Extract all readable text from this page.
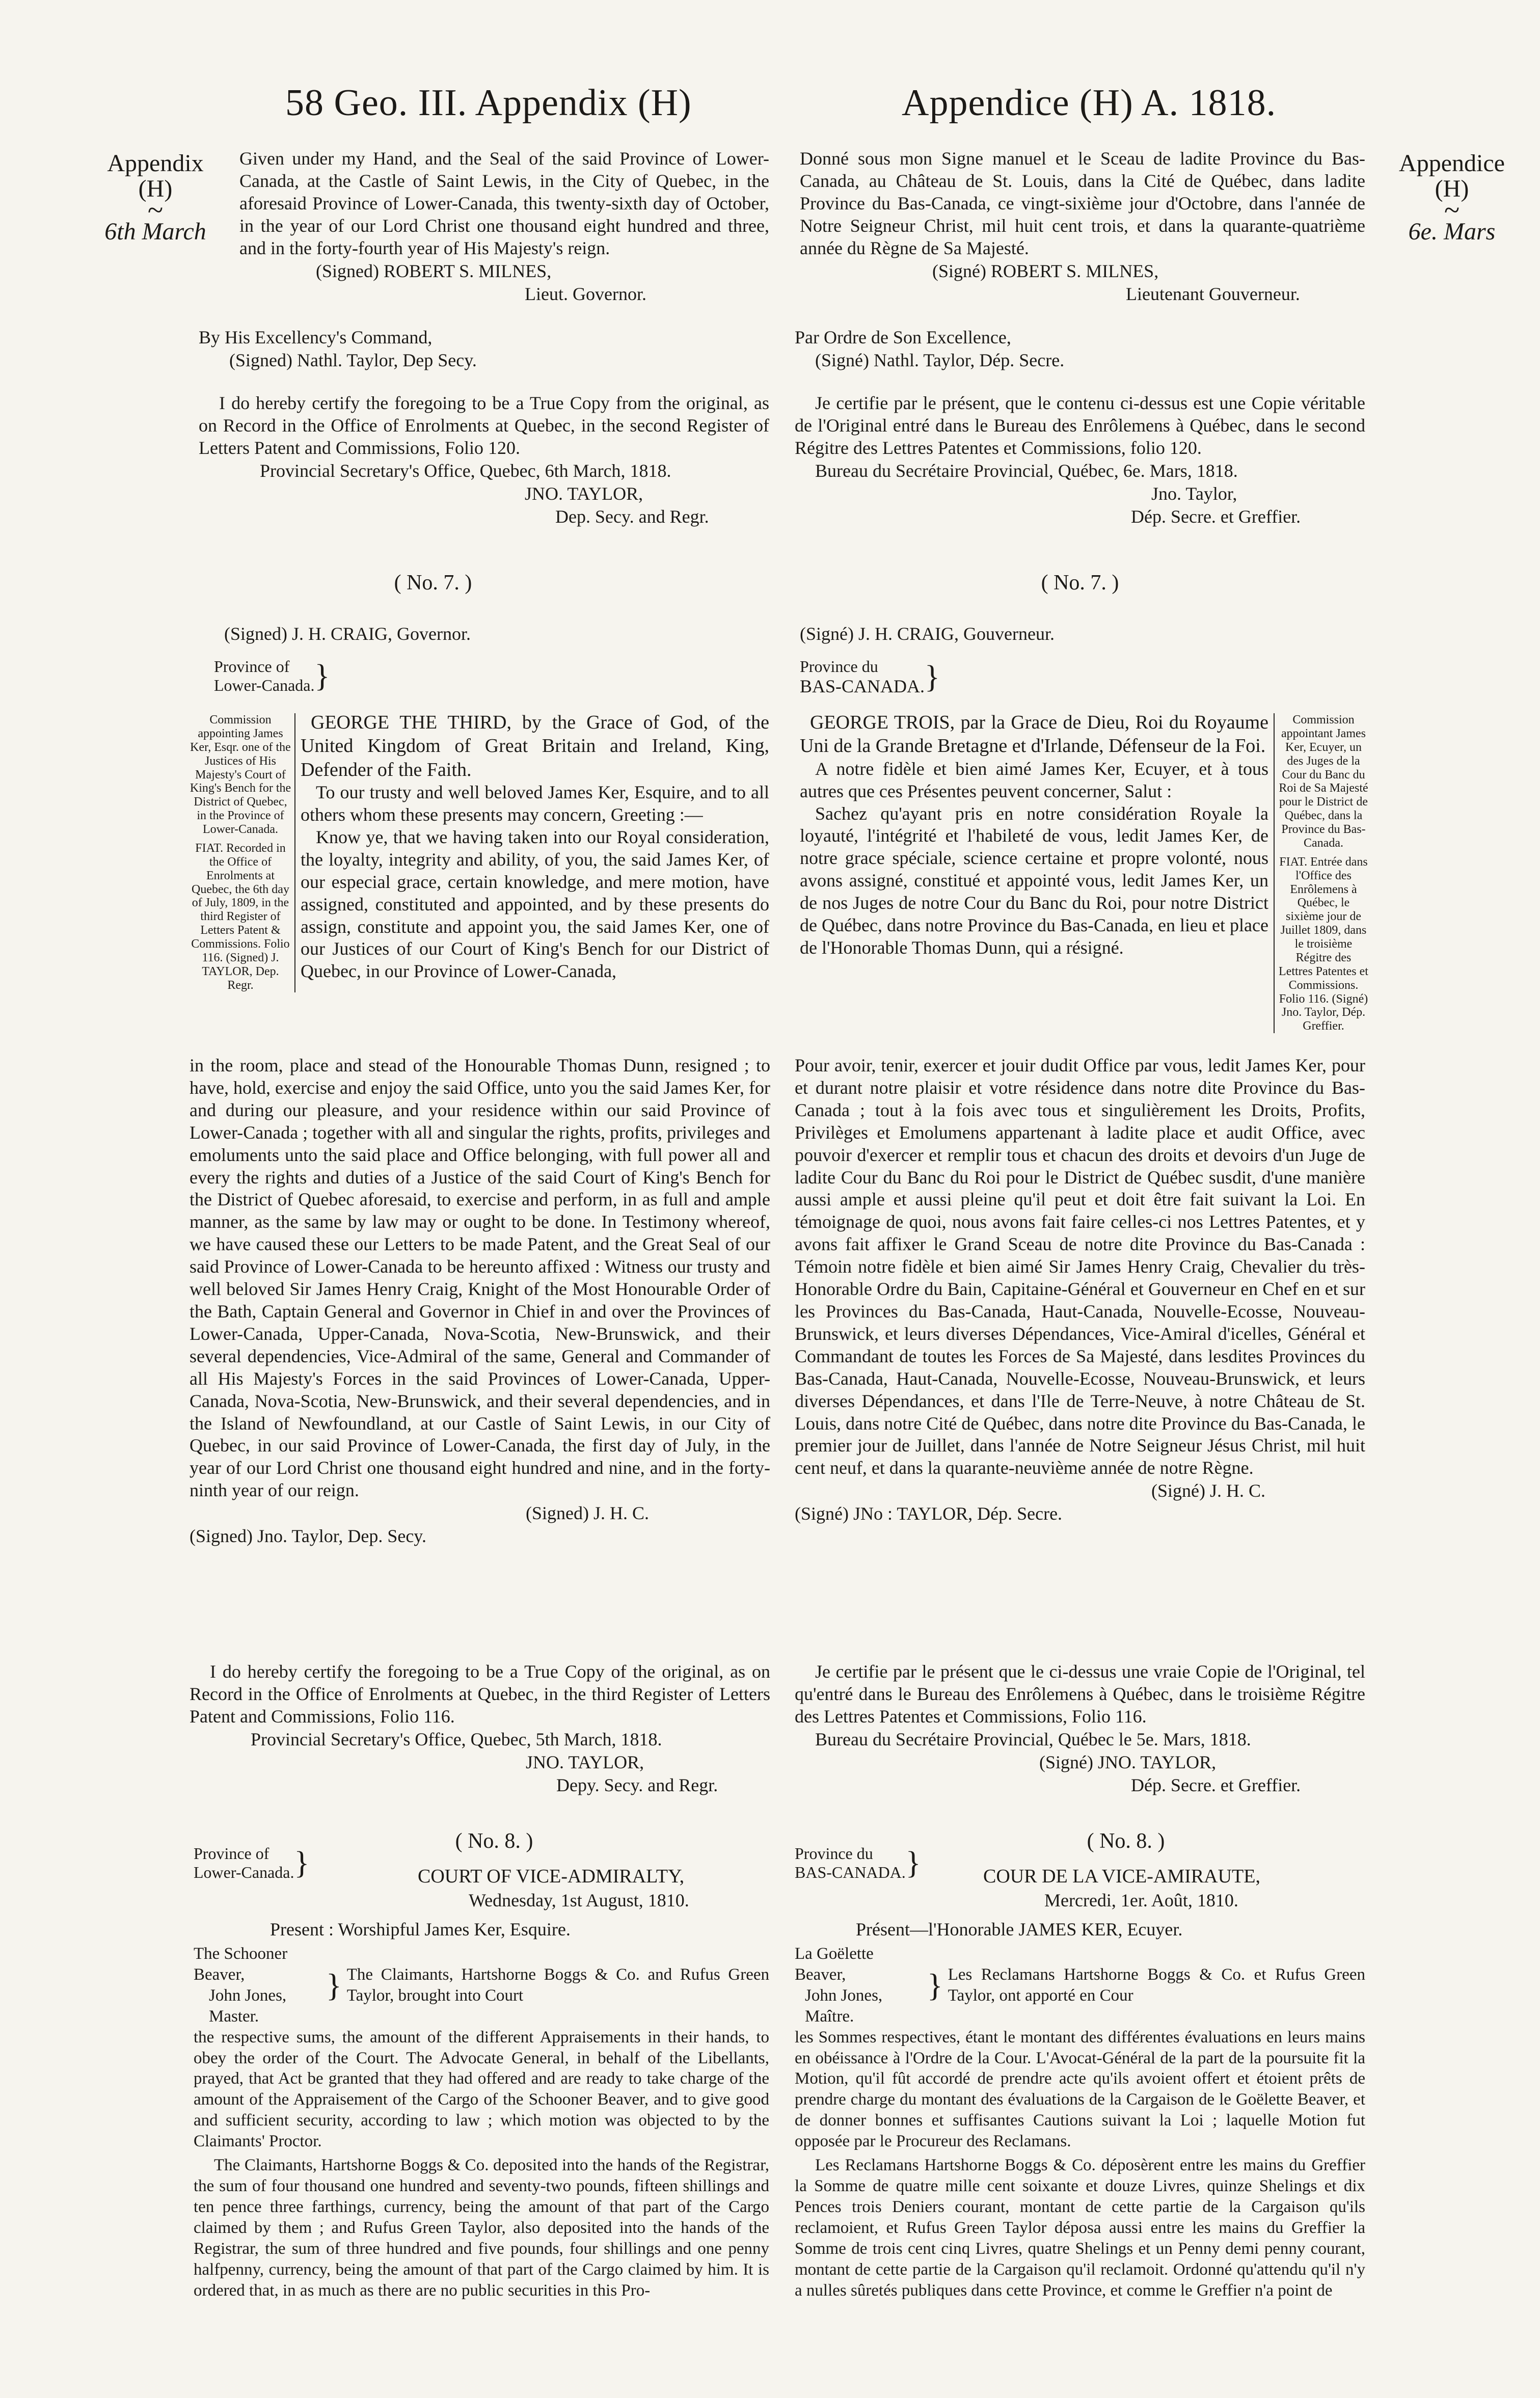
58 Geo. III. Appendix (H)	Appendice (H) A. 1818.
Appendix
(H)
~
6th March
Appendice
(H)
~
6e. Mars

Given under my Hand, and the Seal of the said Province of Lower-Canada, at the Castle of Saint Lewis, in the City of Quebec, in the aforesaid Province of Lower-Canada, this twenty-sixth day of October, in the year of our Lord Christ one thousand eight hundred and three, and in the forty-fourth year of His Majesty's reign.

(Signed) ROBERT S. MILNES,
Lieut. Governor.
By His Excellency's Command,
(Signed) Nathl. Taylor, Dep Secy.

I do hereby certify the foregoing to be a True Copy from the original, as on Record in the Office of Enrolments at Quebec, in the second Register of Letters Patent and Commissions, Folio 120.

Provincial Secretary's Office, Quebec, 6th March, 1818.
JNO. TAYLOR,
Dep. Secy. and Regr.
( No. 7. )
(Signed) J. H. CRAIG, Governor.
Province of
Lower-Canada.}
Commission appointing James Ker, Esqr. one of the Justices of His Majesty's Court of King's Bench for the District of Quebec, in the Province of Lower-Canada.
FIAT. Recorded in the Office of Enrolments at Quebec, the 6th day of July, 1809, in the third Register of Letters Patent & Commissions. Folio 116. (Signed) J. TAYLOR, Dep. Regr.

GEORGE THE THIRD, by the Grace of God, of the United Kingdom of Great Britain and Ireland, King, Defender of the Faith.

To our trusty and well beloved James Ker, Esquire, and to all others whom these presents may concern, Greeting :—

Know ye, that we having taken into our Royal consideration, the loyalty, integrity and ability, of you, the said James Ker, of our especial grace, certain knowledge, and mere motion, have assigned, constituted and appointed, and by these presents do assign, constitute and appoint you, the said James Ker, one of our Justices of our Court of King's Bench for our District of Quebec, in our Province of Lower-Canada,

in the room, place and stead of the Honourable Thomas Dunn, resigned ; to have, hold, exercise and enjoy the said Office, unto you the said James Ker, for and during our pleasure, and your residence within our said Province of Lower-Canada ; together with all and singular the rights, profits, privileges and emoluments unto the said place and Office belonging, with full power all and every the rights and duties of a Justice of the said Court of King's Bench for the District of Quebec aforesaid, to exercise and perform, in as full and ample manner, as the same by law may or ought to be done. In Testimony whereof, we have caused these our Letters to be made Patent, and the Great Seal of our said Province of Lower-Canada to be hereunto affixed : Witness our trusty and well beloved Sir James Henry Craig, Knight of the Most Honourable Order of the Bath, Captain General and Governor in Chief in and over the Provinces of Lower-Canada, Upper-Canada, Nova-Scotia, New-Brunswick, and their several dependencies, Vice-Admiral of the same, General and Commander of all His Majesty's Forces in the said Provinces of Lower-Canada, Upper-Canada, Nova-Scotia, New-Brunswick, and their several dependencies, and in the Island of Newfoundland, at our Castle of Saint Lewis, in our City of Quebec, in our said Province of Lower-Canada, the first day of July, in the year of our Lord Christ one thousand eight hundred and nine, and in the forty-ninth year of our reign.

(Signed) J. H. C.
(Signed) Jno. Taylor, Dep. Secy.

I do hereby certify the foregoing to be a True Copy of the original, as on Record in the Office of Enrolments at Quebec, in the third Register of Letters Patent and Commissions, Folio 116.

Provincial Secretary's Office, Quebec, 5th March, 1818.
JNO. TAYLOR,
Depy. Secy. and Regr.
( No. 8. )
Province of
Lower-Canada.}	COURT OF VICE-ADMIRALTY,
Wednesday, 1st August, 1810.
Present : Worshipful James Ker, Esquire.
The Schooner Beaver,
John Jones, Master.
} The Claimants, Hartshorne Boggs & Co. and Rufus Green Taylor, brought into Court

the respective sums, the amount of the different Appraisements in their hands, to obey the order of the Court. The Advocate General, in behalf of the Libellants, prayed, that Act be granted that they had offered and are ready to take charge of the amount of the Appraisement of the Cargo of the Schooner Beaver, and to give good and sufficient security, according to law ; which motion was objected to by the Claimants' Proctor.

The Claimants, Hartshorne Boggs & Co. deposited into the hands of the Registrar, the sum of four thousand one hundred and seventy-two pounds, fifteen shillings and ten pence three farthings, currency, being the amount of that part of the Cargo claimed by them ; and Rufus Green Taylor, also deposited into the hands of the Registrar, the sum of three hundred and five pounds, four shillings and one penny halfpenny, currency, being the amount of that part of the Cargo claimed by him. It is ordered that, in as much as there are no public securities in this Pro-

Donné sous mon Signe manuel et le Sceau de ladite Province du Bas-Canada, au Château de St. Louis, dans la Cité de Québec, dans ladite Province du Bas-Canada, ce vingt-sixième jour d'Octobre, dans l'année de Notre Seigneur Christ, mil huit cent trois, et dans la quarante-quatrième année du Règne de Sa Majesté.

(Signé) ROBERT S. MILNES,
Lieutenant Gouverneur.
Par Ordre de Son Excellence,
(Signé) Nathl. Taylor, Dép. Secre.

Je certifie par le présent, que le contenu ci-dessus est une Copie véritable de l'Original entré dans le Bureau des Enrôlemens à Québec, dans le second Régitre des Lettres Patentes et Commissions, folio 120.

Bureau du Secrétaire Provincial, Québec, 6e. Mars, 1818.
Jno. Taylor,
Dép. Secre. et Greffier.
( No. 7. )
(Signé) J. H. CRAIG, Gouverneur.
Province du
BAS-CANADA.}

GEORGE TROIS, par la Grace de Dieu, Roi du Royaume Uni de la Grande Bretagne et d'Irlande, Défenseur de la Foi.

A notre fidèle et bien aimé James Ker, Ecuyer, et à tous autres que ces Présentes peuvent concerner, Salut :

Sachez qu'ayant pris en notre considération Royale la loyauté, l'intégrité et l'habileté de vous, ledit James Ker, de notre grace spéciale, science certaine et propre volonté, nous avons assigné, constitué et appointé vous, ledit James Ker, un de nos Juges de notre Cour du Banc du Roi, pour notre District de Québec, dans notre Province du Bas-Canada, en lieu et place de l'Honorable Thomas Dunn, qui a résigné.

Commission appointant James Ker, Ecuyer, un des Juges de la Cour du Banc du Roi de Sa Majesté pour le District de Québec, dans la Province du Bas-Canada.
FIAT. Entrée dans l'Office des Enrôlemens à Québec, le sixième jour de Juillet 1809, dans le troisième Régitre des Lettres Patentes et Commissions. Folio 116. (Signé) Jno. Taylor, Dép. Greffier.

Pour avoir, tenir, exercer et jouir dudit Office par vous, ledit James Ker, pour et durant notre plaisir et votre résidence dans notre dite Province du Bas-Canada ; tout à la fois avec tous et singulièrement les Droits, Profits, Privilèges et Emolumens appartenant à ladite place et audit Office, avec pouvoir d'exercer et remplir tous et chacun des droits et devoirs d'un Juge de ladite Cour du Banc du Roi pour le District de Québec susdit, d'une manière aussi ample et aussi pleine qu'il peut et doit être fait suivant la Loi. En témoignage de quoi, nous avons fait faire celles-ci nos Lettres Patentes, et y avons fait affixer le Grand Sceau de notre dite Province du Bas-Canada : Témoin notre fidèle et bien aimé Sir James Henry Craig, Chevalier du très-Honorable Ordre du Bain, Capitaine-Général et Gouverneur en Chef en et sur les Provinces du Bas-Canada, Haut-Canada, Nouvelle-Ecosse, Nouveau-Brunswick, et leurs diverses Dépendances, Vice-Amiral d'icelles, Général et Commandant de toutes les Forces de Sa Majesté, dans lesdites Provinces du Bas-Canada, Haut-Canada, Nouvelle-Ecosse, Nouveau-Brunswick, et leurs diverses Dépendances, et dans l'Ile de Terre-Neuve, à notre Château de St. Louis, dans notre Cité de Québec, dans notre dite Province du Bas-Canada, le premier jour de Juillet, dans l'année de Notre Seigneur Jésus Christ, mil huit cent neuf, et dans la quarante-neuvième année de notre Règne.

(Signé) J. H. C.
(Signé) JNo : TAYLOR, Dép. Secre.

Je certifie par le présent que le ci-dessus une vraie Copie de l'Original, tel qu'entré dans le Bureau des Enrôlemens à Québec, dans le troisième Régitre des Lettres Patentes et Commissions, Folio 116.

Bureau du Secrétaire Provincial, Québec le 5e. Mars, 1818.
(Signé) JNO. TAYLOR,
Dép. Secre. et Greffier.
( No. 8. )
Province du
BAS-CANADA.}	COUR DE LA VICE-AMIRAUTE,
Mercredi, 1er. Août, 1810.
Présent—l'Honorable JAMES KER, Ecuyer.
La Goëlette Beaver,
John Jones, Maître.
} Les Reclamans Hartshorne Boggs & Co. et Rufus Green Taylor, ont apporté en Cour

les Sommes respectives, étant le montant des différentes évaluations en leurs mains en obéissance à l'Ordre de la Cour. L'Avocat-Général de la part de la poursuite fit la Motion, qu'il fût accordé de prendre acte qu'ils avoient offert et étoient prêts de prendre charge du montant des évaluations de la Cargaison de le Goëlette Beaver, et de donner bonnes et suffisantes Cautions suivant la Loi ; laquelle Motion fut opposée par le Procureur des Reclamans.

Les Reclamans Hartshorne Boggs & Co. déposèrent entre les mains du Greffier la Somme de quatre mille cent soixante et douze Livres, quinze Shelings et dix Pences trois Deniers courant, montant de cette partie de la Cargaison qu'ils reclamoient, et Rufus Green Taylor déposa aussi entre les mains du Greffier la Somme de trois cent cinq Livres, quatre Shelings et un Penny demi penny courant, montant de cette partie de la Cargaison qu'il reclamoit. Ordonné qu'attendu qu'il n'y a nulles sûretés publiques dans cette Province, et comme le Greffier n'a point de
